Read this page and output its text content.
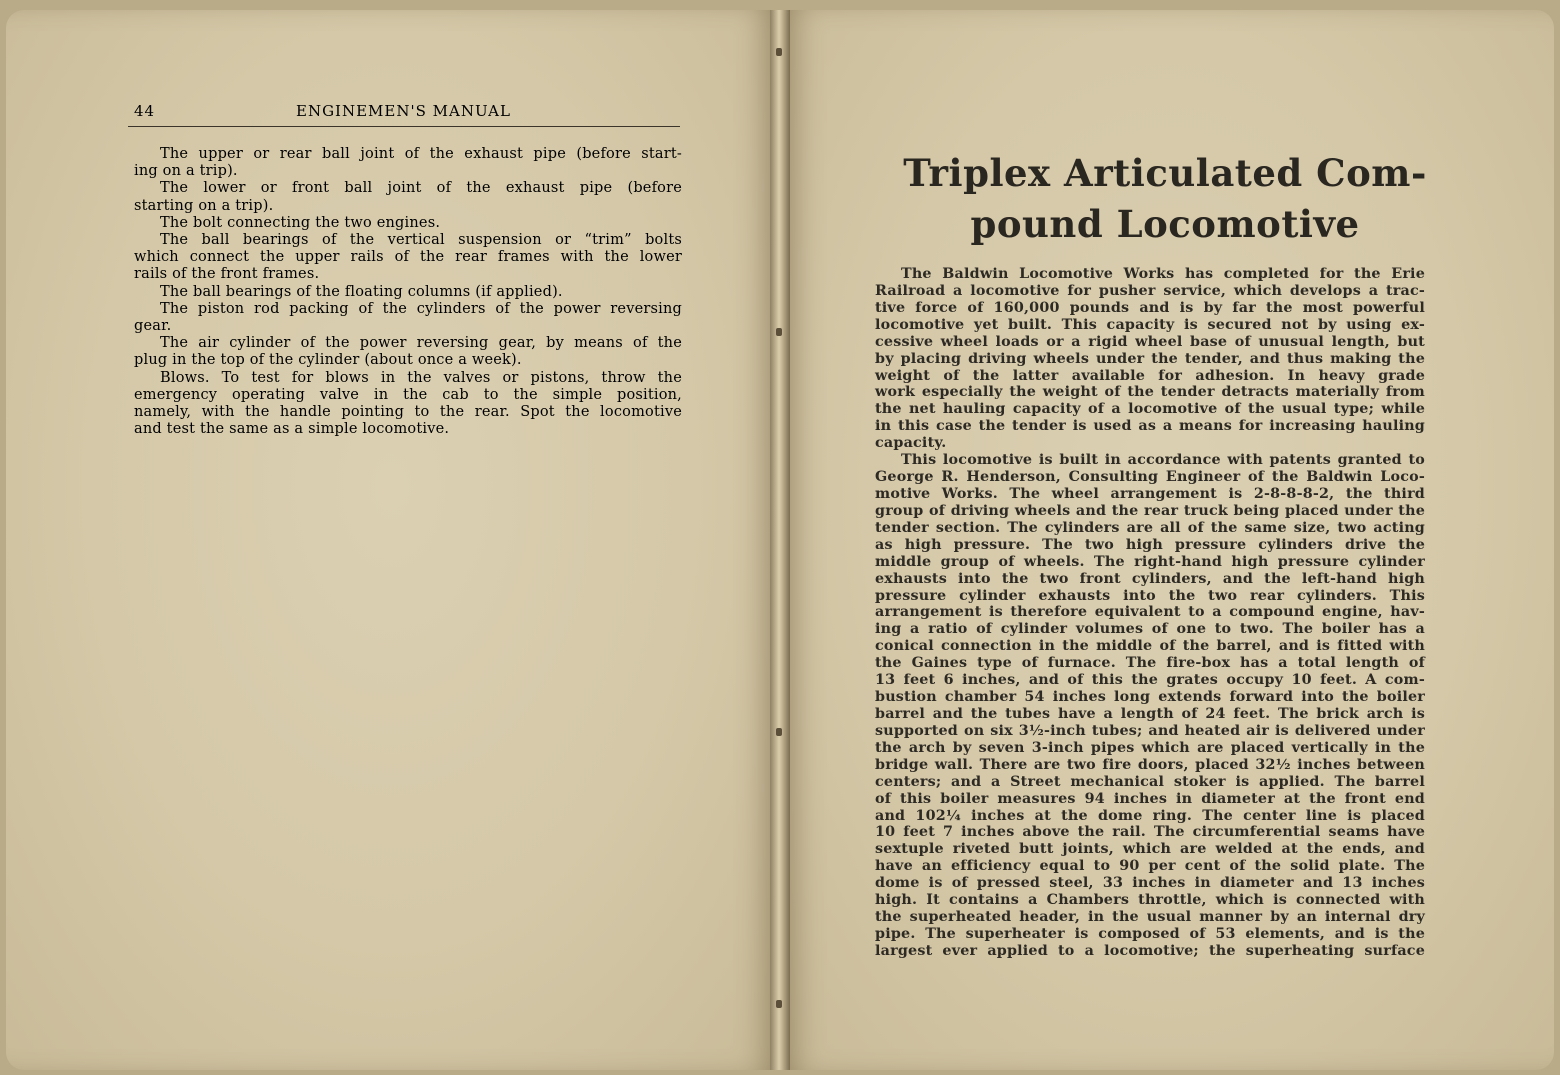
44	ENGINEMEN'S MANUAL
The upper or rear ball joint of the exhaust pipe (before start-
ing on a trip).
The lower or front ball joint of the exhaust pipe (before
starting on a trip).
The bolt connecting the two engines.
The ball bearings of the vertical suspension or “trim” bolts
which connect the upper rails of the rear frames with the lower
rails of the front frames.
The ball bearings of the floating columns (if applied).
The piston rod packing of the cylinders of the power reversing
gear.
The air cylinder of the power reversing gear, by means of the
plug in the top of the cylinder (about once a week).
Blows. To test for blows in the valves or pistons, throw the
emergency operating valve in the cab to the simple position,
namely, with the handle pointing to the rear. Spot the locomotive
and test the same as a simple locomotive.
Triplex Articulated Com-
pound Locomotive
The Baldwin Locomotive Works has completed for the Erie
Railroad a locomotive for pusher service, which develops a trac-
tive force of 160,000 pounds and is by far the most powerful
locomotive yet built. This capacity is secured not by using ex-
cessive wheel loads or a rigid wheel base of unusual length, but
by placing driving wheels under the tender, and thus making the
weight of the latter available for adhesion. In heavy grade
work especially the weight of the tender detracts materially from
the net hauling capacity of a locomotive of the usual type; while
in this case the tender is used as a means for increasing hauling
capacity.
This locomotive is built in accordance with patents granted to
George R. Henderson, Consulting Engineer of the Baldwin Loco-
motive Works. The wheel arrangement is 2-8-8-8-2, the third
group of driving wheels and the rear truck being placed under the
tender section. The cylinders are all of the same size, two acting
as high pressure. The two high pressure cylinders drive the
middle group of wheels. The right-hand high pressure cylinder
exhausts into the two front cylinders, and the left-hand high
pressure cylinder exhausts into the two rear cylinders. This
arrangement is therefore equivalent to a compound engine, hav-
ing a ratio of cylinder volumes of one to two. The boiler has a
conical connection in the middle of the barrel, and is fitted with
the Gaines type of furnace. The fire-box has a total length of
13 feet 6 inches, and of this the grates occupy 10 feet. A com-
bustion chamber 54 inches long extends forward into the boiler
barrel and the tubes have a length of 24 feet. The brick arch is
supported on six 3½-inch tubes; and heated air is delivered under
the arch by seven 3-inch pipes which are placed vertically in the
bridge wall. There are two fire doors, placed 32½ inches between
centers; and a Street mechanical stoker is applied. The barrel
of this boiler measures 94 inches in diameter at the front end
and 102¼ inches at the dome ring. The center line is placed
10 feet 7 inches above the rail. The circumferential seams have
sextuple riveted butt joints, which are welded at the ends, and
have an efficiency equal to 90 per cent of the solid plate. The
dome is of pressed steel, 33 inches in diameter and 13 inches
high. It contains a Chambers throttle, which is connected with
the superheated header, in the usual manner by an internal dry
pipe. The superheater is composed of 53 elements, and is the
largest ever applied to a locomotive; the superheating surface
